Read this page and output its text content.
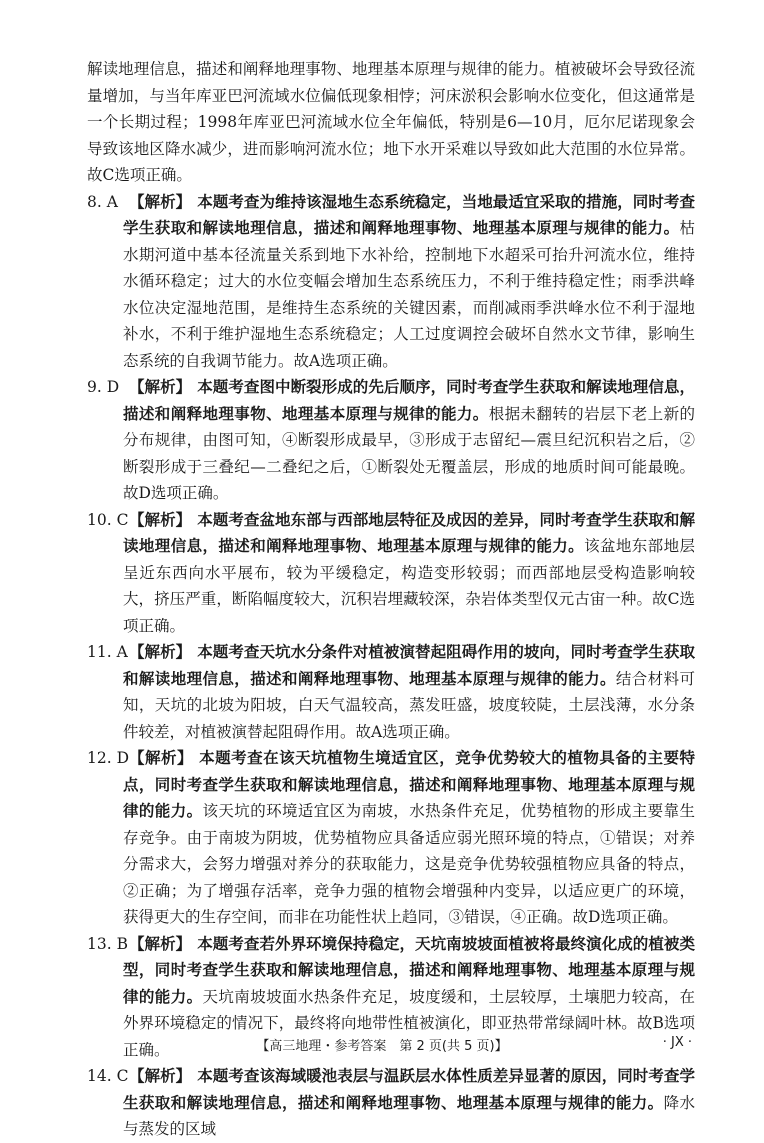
解读地理信息，描述和阐释地理事物、地理基本原理与规律的能力。植被破坏会导致径流量增加，与当年库亚巴河流域水位偏低现象相悖；河床淤积会影响水位变化，但这通常是一个长期过程；1998年库亚巴河流域水位全年偏低，特别是6—10月，厄尔尼诺现象会导致该地区降水减少，进而影响河流水位；地下水开采难以导致如此大范围的水位异常。故C选项正确。

8. A 【解析】 本题考查为维持该湿地生态系统稳定，当地最适宜采取的措施，同时考查学生获取和解读地理信息，描述和阐释地理事物、地理基本原理与规律的能力。枯水期河道中基本径流量关系到地下水补给，控制地下水超采可抬升河流水位，维持水循环稳定；过大的水位变幅会增加生态系统压力，不利于维持稳定性；雨季洪峰水位决定湿地范围，是维持生态系统的关键因素，而削减雨季洪峰水位不利于湿地补水，不利于维护湿地生态系统稳定；人工过度调控会破坏自然水文节律，影响生态系统的自我调节能力。故A选项正确。
9. D 【解析】 本题考查图中断裂形成的先后顺序，同时考查学生获取和解读地理信息，描述和阐释地理事物、地理基本原理与规律的能力。根据未翻转的岩层下老上新的分布规律，由图可知，④断裂形成最早，③形成于志留纪—震旦纪沉积岩之后，②断裂形成于三叠纪—二叠纪之后，①断裂处无覆盖层，形成的地质时间可能最晚。故D选项正确。
10. C 【解析】 本题考查盆地东部与西部地层特征及成因的差异，同时考查学生获取和解读地理信息，描述和阐释地理事物、地理基本原理与规律的能力。该盆地东部地层呈近东西向水平展布，较为平缓稳定，构造变形较弱；而西部地层受构造影响较大，挤压严重，断陷幅度较大，沉积岩埋藏较深，杂岩体类型仅元古宙一种。故C选项正确。
11. A 【解析】 本题考查天坑水分条件对植被演替起阻碍作用的坡向，同时考查学生获取和解读地理信息，描述和阐释地理事物、地理基本原理与规律的能力。结合材料可知，天坑的北坡为阳坡，白天气温较高，蒸发旺盛，坡度较陡，土层浅薄，水分条件较差，对植被演替起阻碍作用。故A选项正确。
12. D 【解析】 本题考查在该天坑植物生境适宜区，竞争优势较大的植物具备的主要特点，同时考查学生获取和解读地理信息，描述和阐释地理事物、地理基本原理与规律的能力。该天坑的环境适宜区为南坡，水热条件充足，优势植物的形成主要靠生存竞争。由于南坡为阴坡，优势植物应具备适应弱光照环境的特点，①错误；对养分需求大，会努力增强对养分的获取能力，这是竞争优势较强植物应具备的特点，②正确；为了增强存活率，竞争力强的植物会增强种内变异，以适应更广的环境，获得更大的生存空间，而非在功能性状上趋同，③错误，④正确。故D选项正确。
13. B 【解析】 本题考查若外界环境保持稳定，天坑南坡坡面植被将最终演化成的植被类型，同时考查学生获取和解读地理信息，描述和阐释地理事物、地理基本原理与规律的能力。天坑南坡坡面水热条件充足，坡度缓和，土层较厚，土壤肥力较高，在外界环境稳定的情况下，最终将向地带性植被演化，即亚热带常绿阔叶林。故B选项正确。
14. C 【解析】 本题考查该海域暖池表层与温跃层水体性质差异显著的原因，同时考查学生获取和解读地理信息，描述和阐释地理事物、地理基本原理与规律的能力。降水与蒸发的区域
【高三地理・参考答案　第 2 页(共 5 页)】	· JX ·
